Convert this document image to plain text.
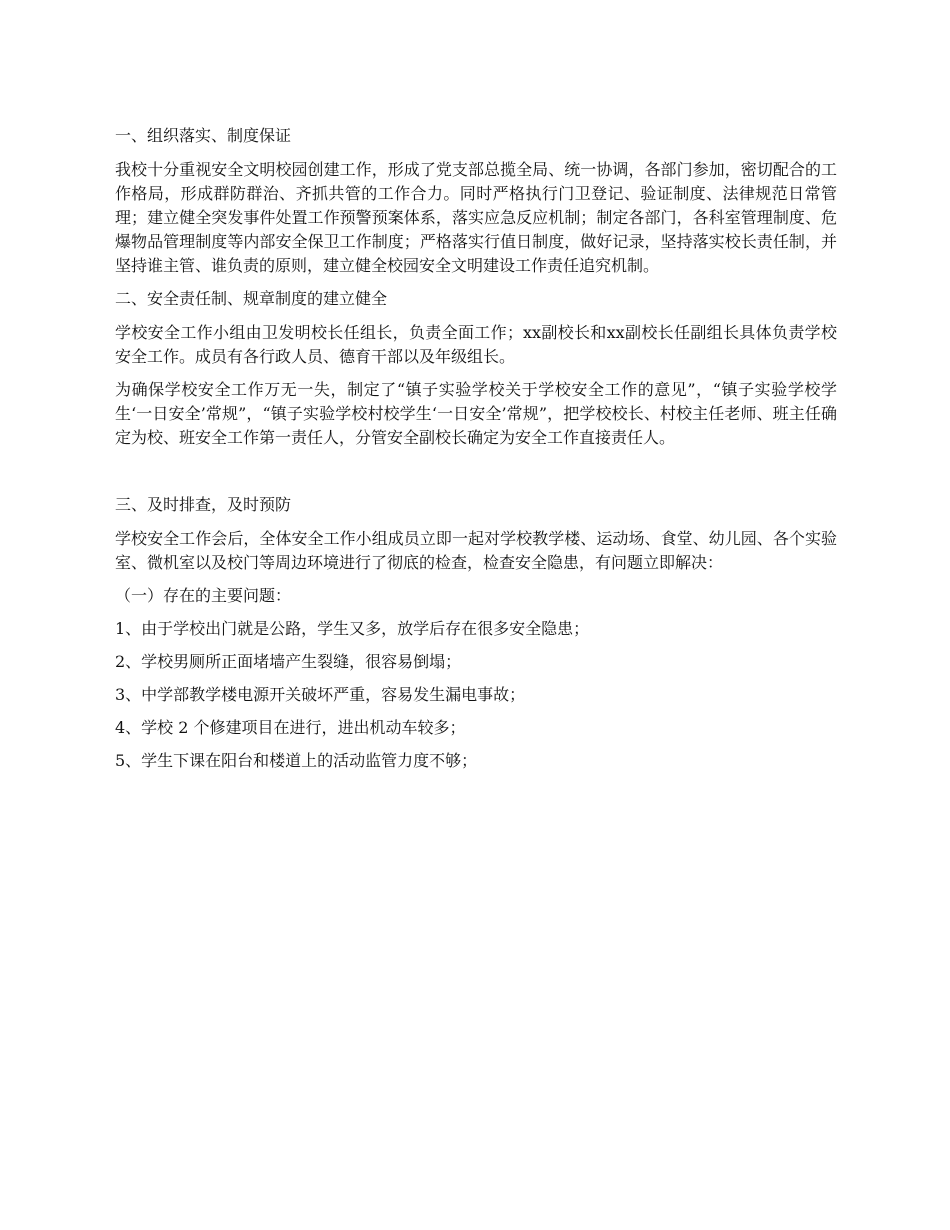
一、组织落实、制度保证

我校十分重视安全文明校园创建工作，形成了党支部总揽全局、统一协调，各部门参加，密切配合的工作格局，形成群防群治、齐抓共管的工作合力。同时严格执行门卫登记、验证制度、法律规范日常管理；建立健全突发事件处置工作预警预案体系，落实应急反应机制；制定各部门，各科室管理制度、危爆物品管理制度等内部安全保卫工作制度；严格落实行值日制度，做好记录，坚持落实校长责任制，并坚持谁主管、谁负责的原则，建立健全校园安全文明建设工作责任追究机制。

二、安全责任制、规章制度的建立健全

学校安全工作小组由卫发明校长任组长，负责全面工作；xx副校长和xx副校长任副组长具体负责学校安全工作。成员有各行政人员、德育干部以及年级组长。

为确保学校安全工作万无一失，制定了“镇子实验学校关于学校安全工作的意见”，“镇子实验学校学生‘一日安全’常规”，“镇子实验学校村校学生‘一日安全’常规”，把学校校长、村校主任老师、班主任确定为校、班安全工作第一责任人，分管安全副校长确定为安全工作直接责任人。

三、及时排查，及时预防

学校安全工作会后，全体安全工作小组成员立即一起对学校教学楼、运动场、食堂、幼儿园、各个实验室、微机室以及校门等周边环境进行了彻底的检查，检查安全隐患，有问题立即解决：

（一）存在的主要问题：

1、由于学校出门就是公路，学生又多，放学后存在很多安全隐患；

2、学校男厕所正面堵墙产生裂缝，很容易倒塌；

3、中学部教学楼电源开关破坏严重，容易发生漏电事故；

4、学校 2 个修建项目在进行，进出机动车较多；

5、学生下课在阳台和楼道上的活动监管力度不够；
